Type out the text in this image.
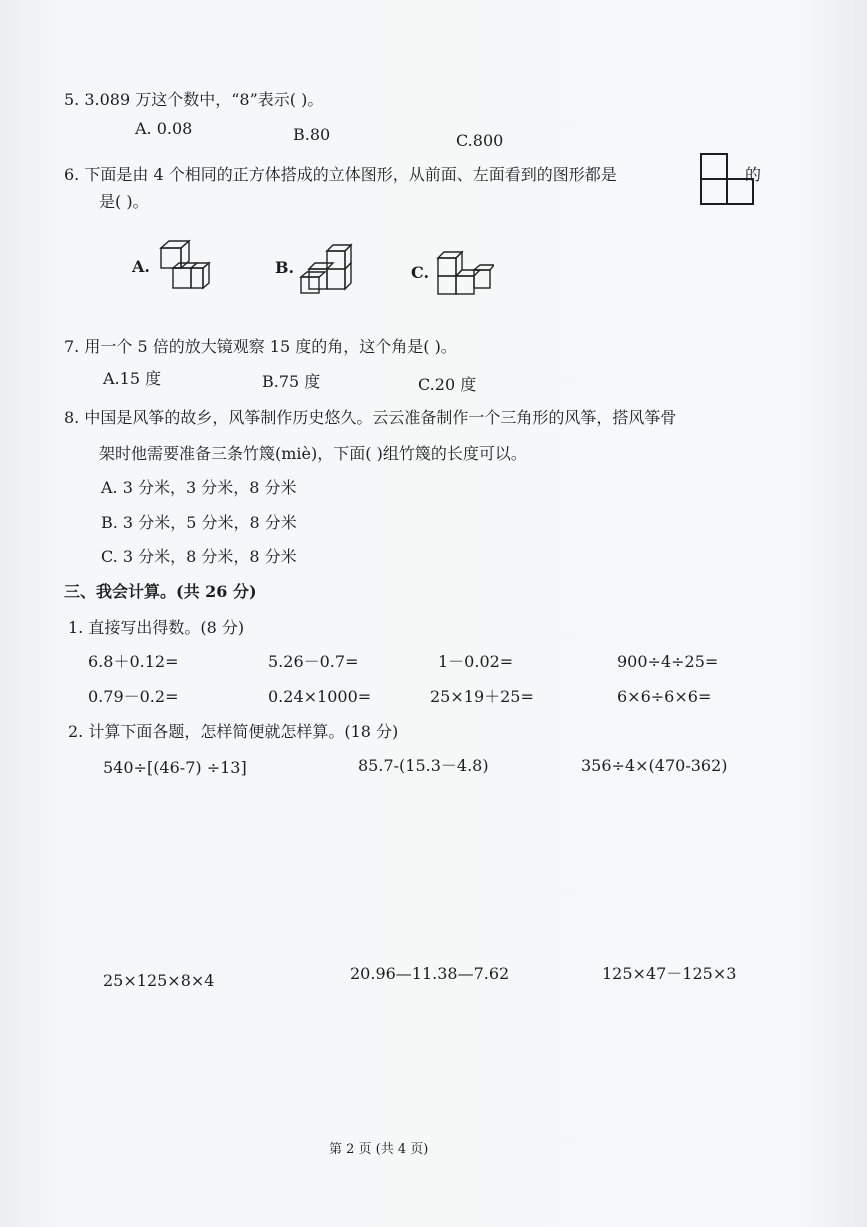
5. 3.089 万这个数中，“8”表示( )。
A. 0.08	B.80	C.800
6. 下面是由 4 个相同的正方体搭成的立体图形，从前面、左面看到的图形都是	的
是( )。
A.	B.	C.
7. 用一个 5 倍的放大镜观察 15 度的角，这个角是( )。
A.15 度	B.75 度	C.20 度
8. 中国是风筝的故乡，风筝制作历史悠久。云云准备制作一个三角形的风筝，搭风筝骨
架时他需要准备三条竹篾(miè)，下面( )组竹篾的长度可以。
A. 3 分米，3 分米，8 分米
B. 3 分米，5 分米，8 分米
C. 3 分米，8 分米，8 分米
三、我会计算。(共 26 分)
1. 直接写出得数。(8 分)
6.8＋0.12=	5.26－0.7=	1－0.02=	900÷4÷25=
0.79－0.2=	0.24×1000=	25×19＋25=	6×6÷6×6=
2. 计算下面各题，怎样简便就怎样算。(18 分)
540÷[(46-7) ÷13]	85.7-(15.3－4.8)	356÷4×(470-362)
25×125×8×4	20.96—11.38—7.62	125×47－125×3
第 2 页 (共 4 页)
